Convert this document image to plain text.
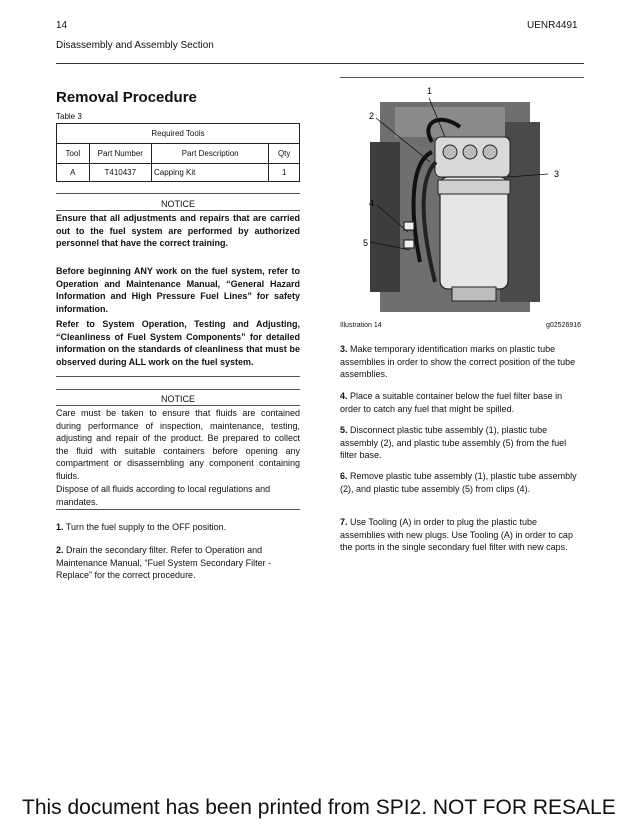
14	UENR4491
Disassembly and Assembly Section
Removal Procedure
Table 3
Required Tools			
Tool	Part Number	Part Description	Qty
A	T410437	Capping Kit	1
NOTICE

Ensure that all adjustments and repairs that are carried out to the fuel system are performed by authorized personnel that have the correct training.

Before beginning ANY work on the fuel system, refer to Operation and Maintenance Manual, “General Hazard Information and High Pressure Fuel Lines” for safety information.

Refer to System Operation, Testing and Adjusting, “Cleanliness of Fuel System Components” for detailed information on the standards of cleanliness that must be observed during ALL work on the fuel system.

NOTICE

Care must be taken to ensure that fluids are contained during performance of inspection, maintenance, testing, adjusting and repair of the product. Be prepared to collect the fluid with suitable containers before opening any compartment or disassembling any component containing fluids.

Dispose of all fluids according to local regulations and mandates.

1. Turn the fuel supply to the OFF position.
2. Drain the secondary filter. Refer to Operation and Maintenance Manual, “Fuel System Secondary Filter - Replace” for the correct procedure.
1
2
3
4
5
Illustration 14	g02526916
3. Make temporary identification marks on plastic tube assemblies in order to show the correct position of the tube assemblies.
4. Place a suitable container below the fuel filter base in order to catch any fuel that might be spilled.
5. Disconnect plastic tube assembly (1), plastic tube assembly (2), and plastic tube assembly (5) from the fuel filter base.
6. Remove plastic tube assembly (1), plastic tube assembly (2), and plastic tube assembly (5) from clips (4).
7. Use Tooling (A) in order to plug the plastic tube assemblies with new plugs. Use Tooling (A) in order to cap the ports in the single secondary fuel filter with new caps.
This document has been printed from SPI2. NOT FOR RESALE
